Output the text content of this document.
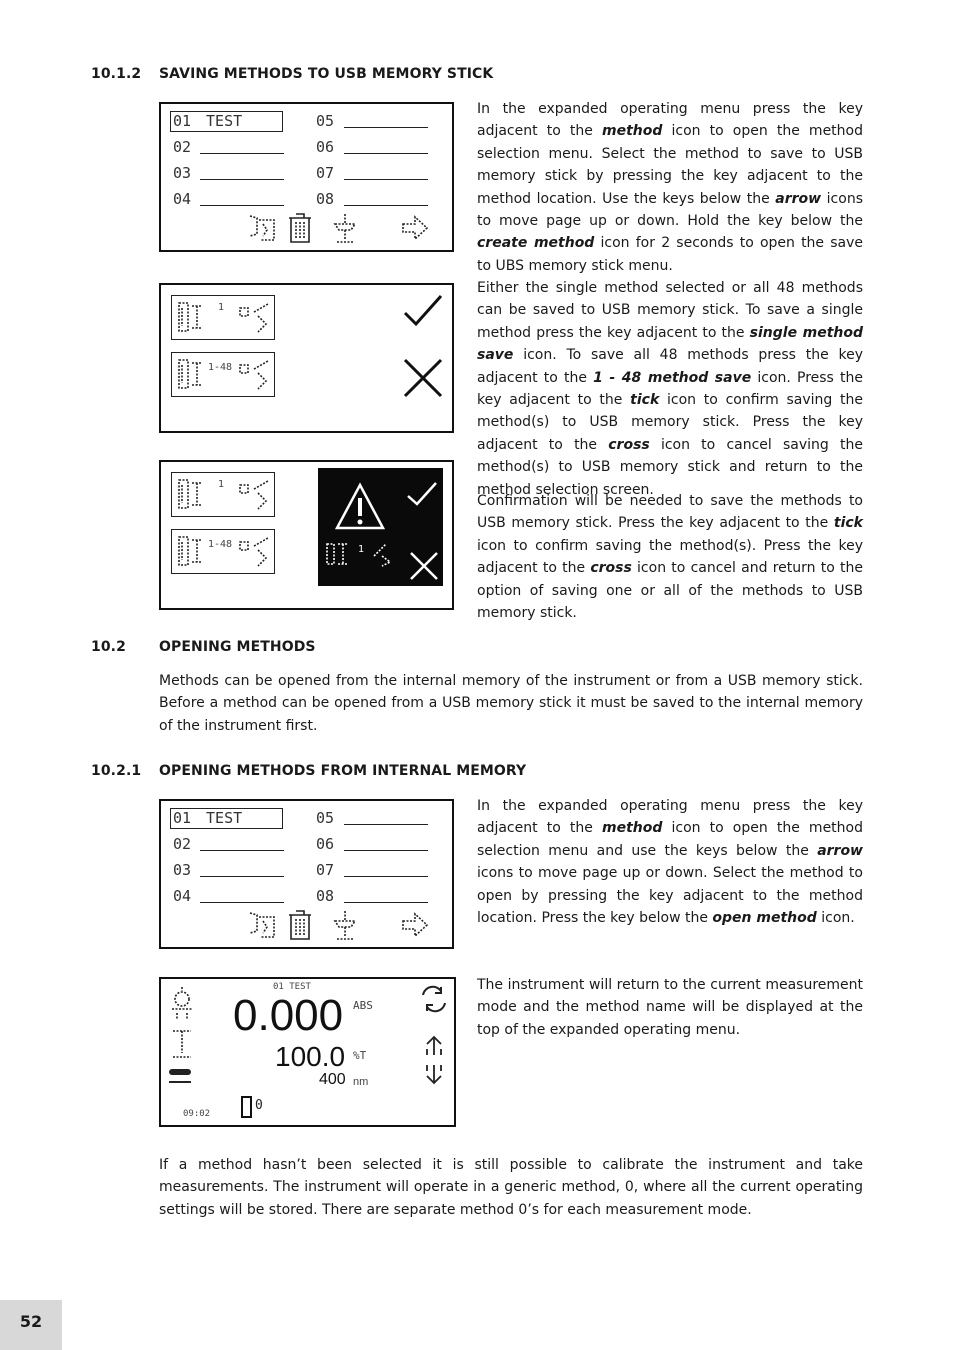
10.1.2 SAVING METHODS TO USB MEMORY STICK
01 TEST
02
03
04
05
06
07
08
In the expanded operating menu press the key adjacent to the method icon to open the method selection menu. Select the method to save to USB memory stick by pressing the key adjacent to the method location. Use the keys below the arrow icons to move page up or down. Hold the key below the create method icon for 2 seconds to open the save to UBS memory stick menu.
1
1-48
Either the single method selected or all 48 methods can be saved to USB memory stick. To save a single method press the key adjacent to the single method save icon. To save all 48 methods press the key adjacent to the 1 - 48 method save icon. Press the key adjacent to the tick icon to confirm saving the method(s) to USB memory stick. Press the key adjacent to the cross icon to cancel saving the method(s) to USB memory stick and return to the method selection screen.
1
1-48	1
Confirmation will be needed to save the methods to USB memory stick. Press the key adjacent to the tick icon to confirm saving the method(s). Press the key adjacent to the cross icon to cancel and return to the option of saving one or all of the methods to USB memory stick.
10.2 OPENING METHODS
Methods can be opened from the internal memory of the instrument or from a USB memory stick. Before a method can be opened from a USB memory stick it must be saved to the internal memory of the instrument first.
10.2.1 OPENING METHODS FROM INTERNAL MEMORY
01 TEST
02
03
04
05
06
07
08
In the expanded operating menu press the key adjacent to the method icon to open the method selection menu and use the keys below the arrow icons to move page up or down. Select the method to open by pressing the key adjacent to the method location. Press the key below the open method icon.
01 TEST
0.000 ABS
100.0 %T
400 nm
09:02
0
The instrument will return to the current measurement mode and the method name will be displayed at the top of the expanded operating menu.
If a method hasn’t been selected it is still possible to calibrate the instrument and take measurements. The instrument will operate in a generic method, 0, where all the current operating settings will be stored. There are separate method 0’s for each measurement mode.
52
